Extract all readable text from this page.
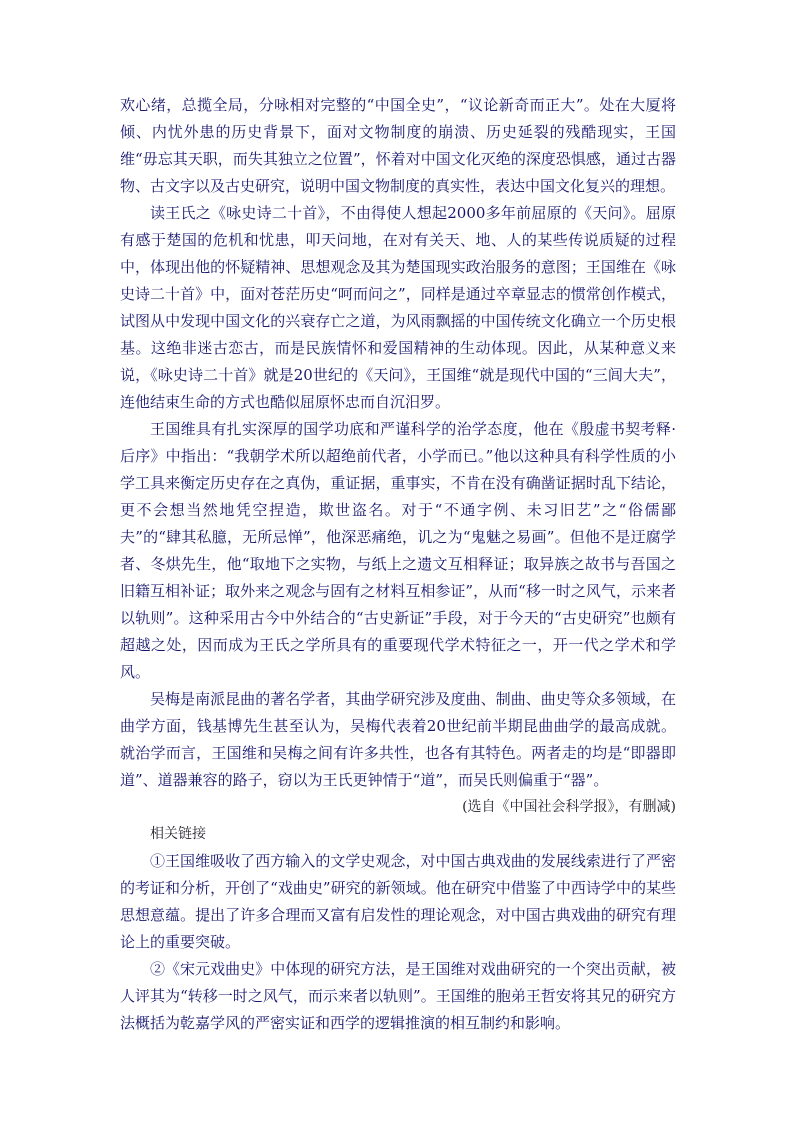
欢心绪，总揽全局，分咏相对完整的“中国全史”，“议论新奇而正大”。处在大厦将倾、内忧外患的历史背景下，面对文物制度的崩溃、历史延裂的残酷现实，王国维“毋忘其天职，而失其独立之位置”，怀着对中国文化灭绝的深度恐惧感，通过古器物、古文字以及古史研究，说明中国文物制度的真实性，表达中国文化复兴的理想。

读王氏之《咏史诗二十首》，不由得使人想起2000多年前屈原的《天问》。屈原有感于楚国的危机和忧患，叩天问地，在对有关天、地、人的某些传说质疑的过程中，体现出他的怀疑精神、思想观念及其为楚国现实政治服务的意图；王国维在《咏史诗二十首》中，面对苍茫历史“呵而问之”，同样是通过卒章显志的惯常创作模式，试图从中发现中国文化的兴衰存亡之道，为风雨飘摇的中国传统文化确立一个历史根基。这绝非迷古恋古，而是民族情怀和爱国精神的生动体现。因此，从某种意义来说，《咏史诗二十首》就是20世纪的《天问》，王国维“就是现代中国的“三闾大夫”，连他结束生命的方式也酷似屈原怀忠而自沉汨罗。

王国维具有扎实深厚的国学功底和严谨科学的治学态度，他在《殷虚书契考释·后序》中指出：“我朝学术所以超绝前代者，小学而已。”他以这种具有科学性质的小学工具来衡定历史存在之真伪，重证据，重事实，不肯在没有确凿证据时乱下结论，更不会想当然地凭空捏造，欺世盗名。对于“不通字例、未习旧艺”之“俗儒鄙夫”的“肆其私臆，无所忌惮”，他深恶痛绝，讥之为“鬼魅之易画”。但他不是迂腐学者、冬烘先生，他“取地下之实物，与纸上之遗文互相释证；取异族之故书与吾国之旧籍互相补证；取外来之观念与固有之材料互相参证”，从而“移一时之风气，示来者以轨则”。这种采用古今中外结合的“古史新证”手段，对于今天的“古史研究”也颇有超越之处，因而成为王氏之学所具有的重要现代学术特征之一，开一代之学术和学风。

吴梅是南派昆曲的著名学者，其曲学研究涉及度曲、制曲、曲史等众多领域，在曲学方面，钱基博先生甚至认为，吴梅代表着20世纪前半期昆曲曲学的最高成就。就治学而言，王国维和吴梅之间有许多共性，也各有其特色。两者走的均是“即器即道”、道器兼容的路子，窃以为王氏更钟情于“道”，而吴氏则偏重于“器”。

(选自《中国社会科学报》，有删减)

相关链接

①王国维吸收了西方输入的文学史观念，对中国古典戏曲的发展线索进行了严密的考证和分析，开创了“戏曲史”研究的新领域。他在研究中借鉴了中西诗学中的某些思想意蕴。提出了许多合理而又富有启发性的理论观念，对中国古典戏曲的研究有理论上的重要突破。

②《宋元戏曲史》中体现的研究方法，是王国维对戏曲研究的一个突出贡献，被人评其为“转移一时之风气，而示来者以轨则”。王国维的胞弟王哲安将其兄的研究方法概括为乾嘉学风的严密实证和西学的逻辑推演的相互制约和影响。
